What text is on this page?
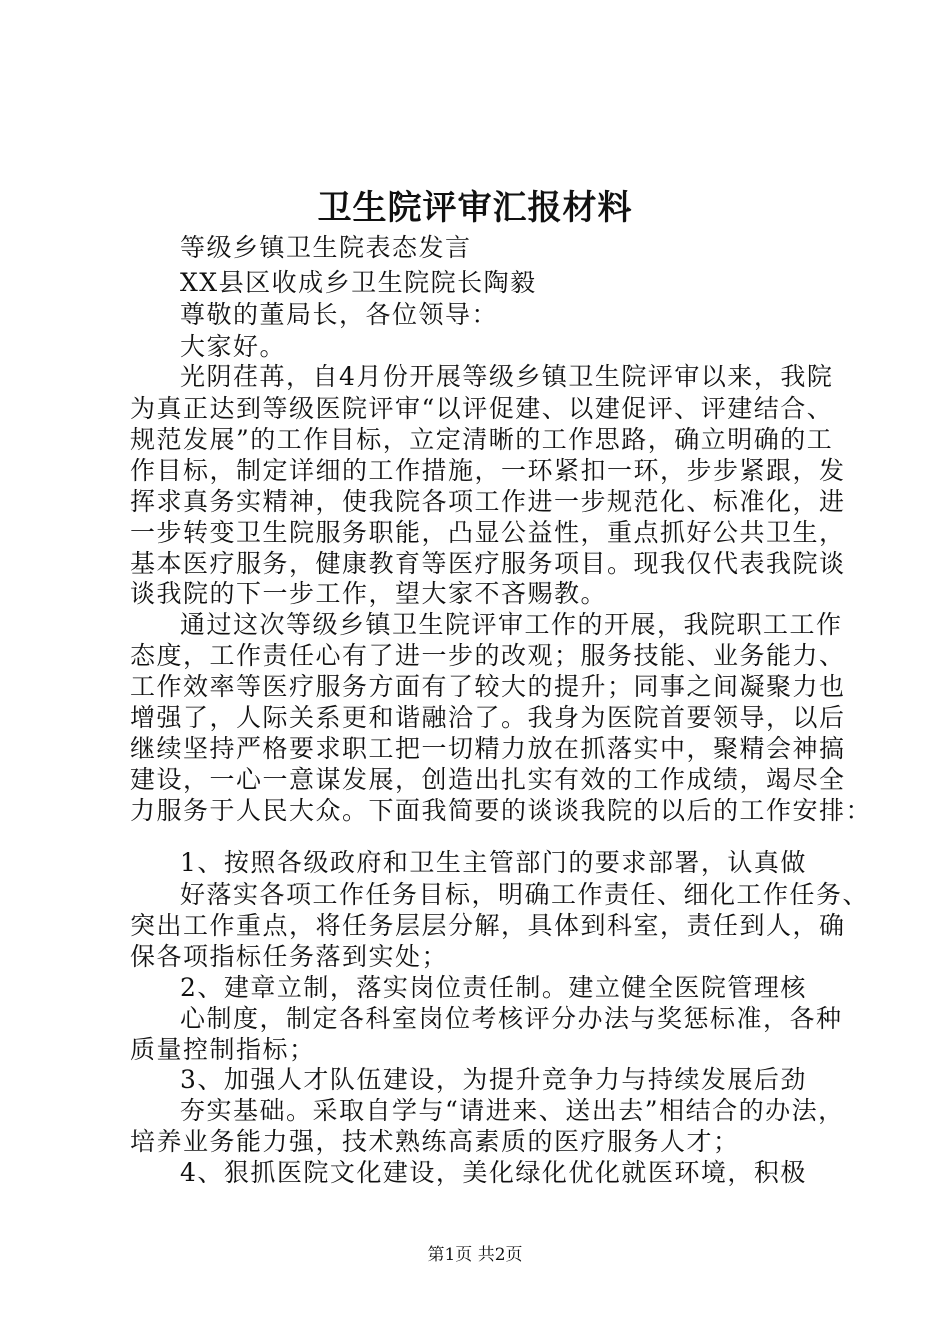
卫生院评审汇报材料
等级乡镇卫生院表态发言
XX县区收成乡卫生院院长陶毅
尊敬的董局长，各位领导：
大家好。
光阴荏苒，自4月份开展等级乡镇卫生院评审以来，我院
为真正达到等级医院评审“以评促建、以建促评、评建结合、
规范发展”的工作目标，立定清晰的工作思路，确立明确的工
作目标，制定详细的工作措施，一环紧扣一环，步步紧跟，发
挥求真务实精神，使我院各项工作进一步规范化、标准化，进
一步转变卫生院服务职能，凸显公益性，重点抓好公共卫生，
基本医疗服务，健康教育等医疗服务项目。现我仅代表我院谈
谈我院的下一步工作，望大家不吝赐教。
通过这次等级乡镇卫生院评审工作的开展，我院职工工作
态度，工作责任心有了进一步的改观；服务技能、业务能力、
工作效率等医疗服务方面有了较大的提升；同事之间凝聚力也
增强了，人际关系更和谐融洽了。我身为医院首要领导，以后
继续坚持严格要求职工把一切精力放在抓落实中，聚精会神搞
建设，一心一意谋发展，创造出扎实有效的工作成绩，竭尽全
力服务于人民大众。下面我简要的谈谈我院的以后的工作安排：
1、按照各级政府和卫生主管部门的要求部署，认真做
好落实各项工作任务目标，明确工作责任、细化工作任务、
突出工作重点，将任务层层分解，具体到科室，责任到人，确
保各项指标任务落到实处；
2、建章立制，落实岗位责任制。建立健全医院管理核
心制度，制定各科室岗位考核评分办法与奖惩标准，各种
质量控制指标；
3、加强人才队伍建设，为提升竞争力与持续发展后劲
夯实基础。采取自学与“请进来、送出去”相结合的办法，
培养业务能力强，技术熟练高素质的医疗服务人才；
4、狠抓医院文化建设，美化绿化优化就医环境，积极
第1页 共2页
